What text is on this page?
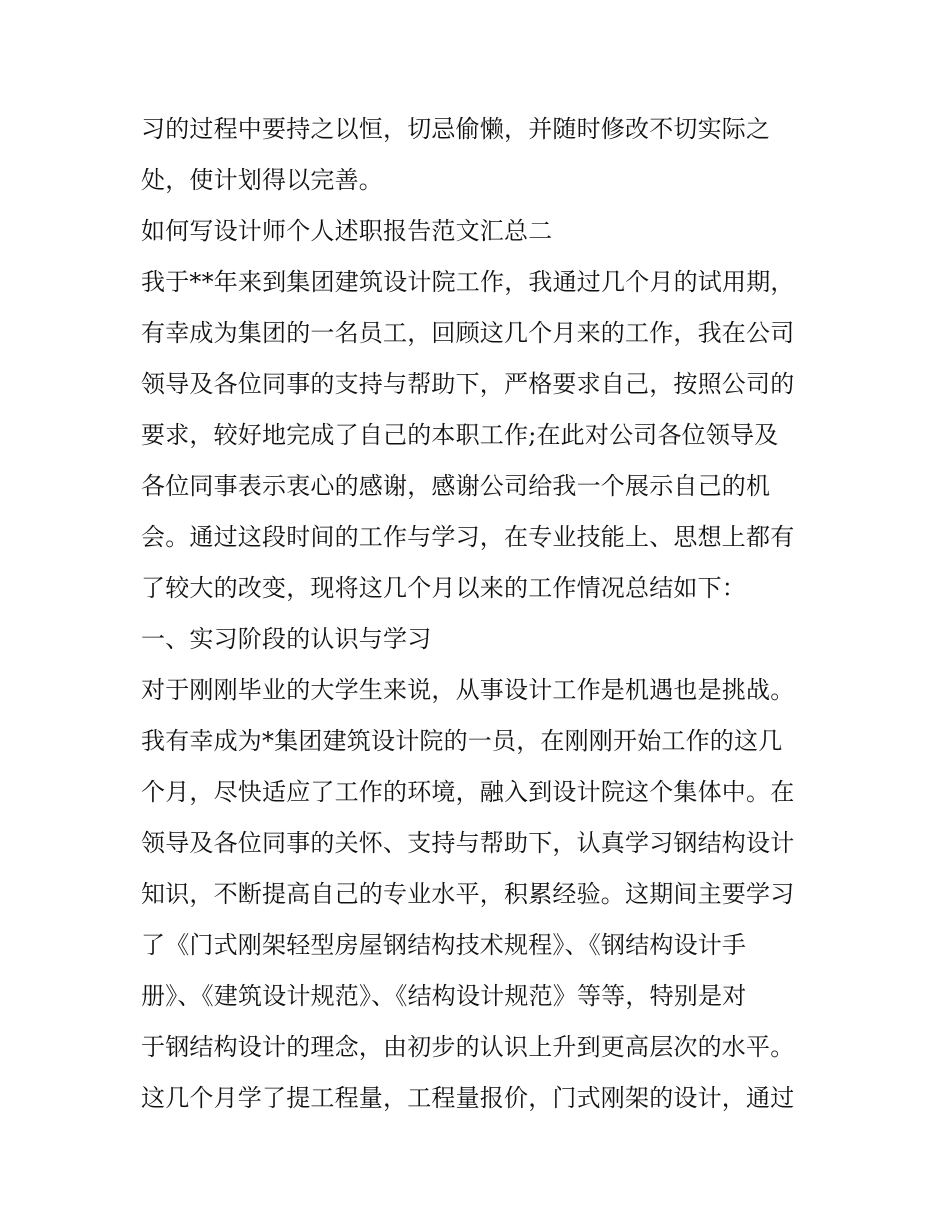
习的过程中要持之以恒，切忌偷懒，并随时修改不切实际之
处，使计划得以完善。
如何写设计师个人述职报告范文汇总二
我于**年来到集团建筑设计院工作，我通过几个月的试用期，
有幸成为集团的一名员工，回顾这几个月来的工作，我在公司
领导及各位同事的支持与帮助下，严格要求自己，按照公司的
要求，较好地完成了自己的本职工作;在此对公司各位领导及
各位同事表示衷心的感谢，感谢公司给我一个展示自己的机
会。通过这段时间的工作与学习，在专业技能上、思想上都有
了较大的改变，现将这几个月以来的工作情况总结如下：
一、实习阶段的认识与学习
对于刚刚毕业的大学生来说，从事设计工作是机遇也是挑战。
我有幸成为*集团建筑设计院的一员，在刚刚开始工作的这几
个月，尽快适应了工作的环境，融入到设计院这个集体中。在
领导及各位同事的关怀、支持与帮助下，认真学习钢结构设计
知识，不断提高自己的专业水平，积累经验。这期间主要学习
了《门式刚架轻型房屋钢结构技术规程》、《钢结构设计手
册》、《建筑设计规范》、《结构设计规范》等等，特别是对
于钢结构设计的理念，由初步的认识上升到更高层次的水平。
这几个月学了提工程量，工程量报价，门式刚架的设计，通过
